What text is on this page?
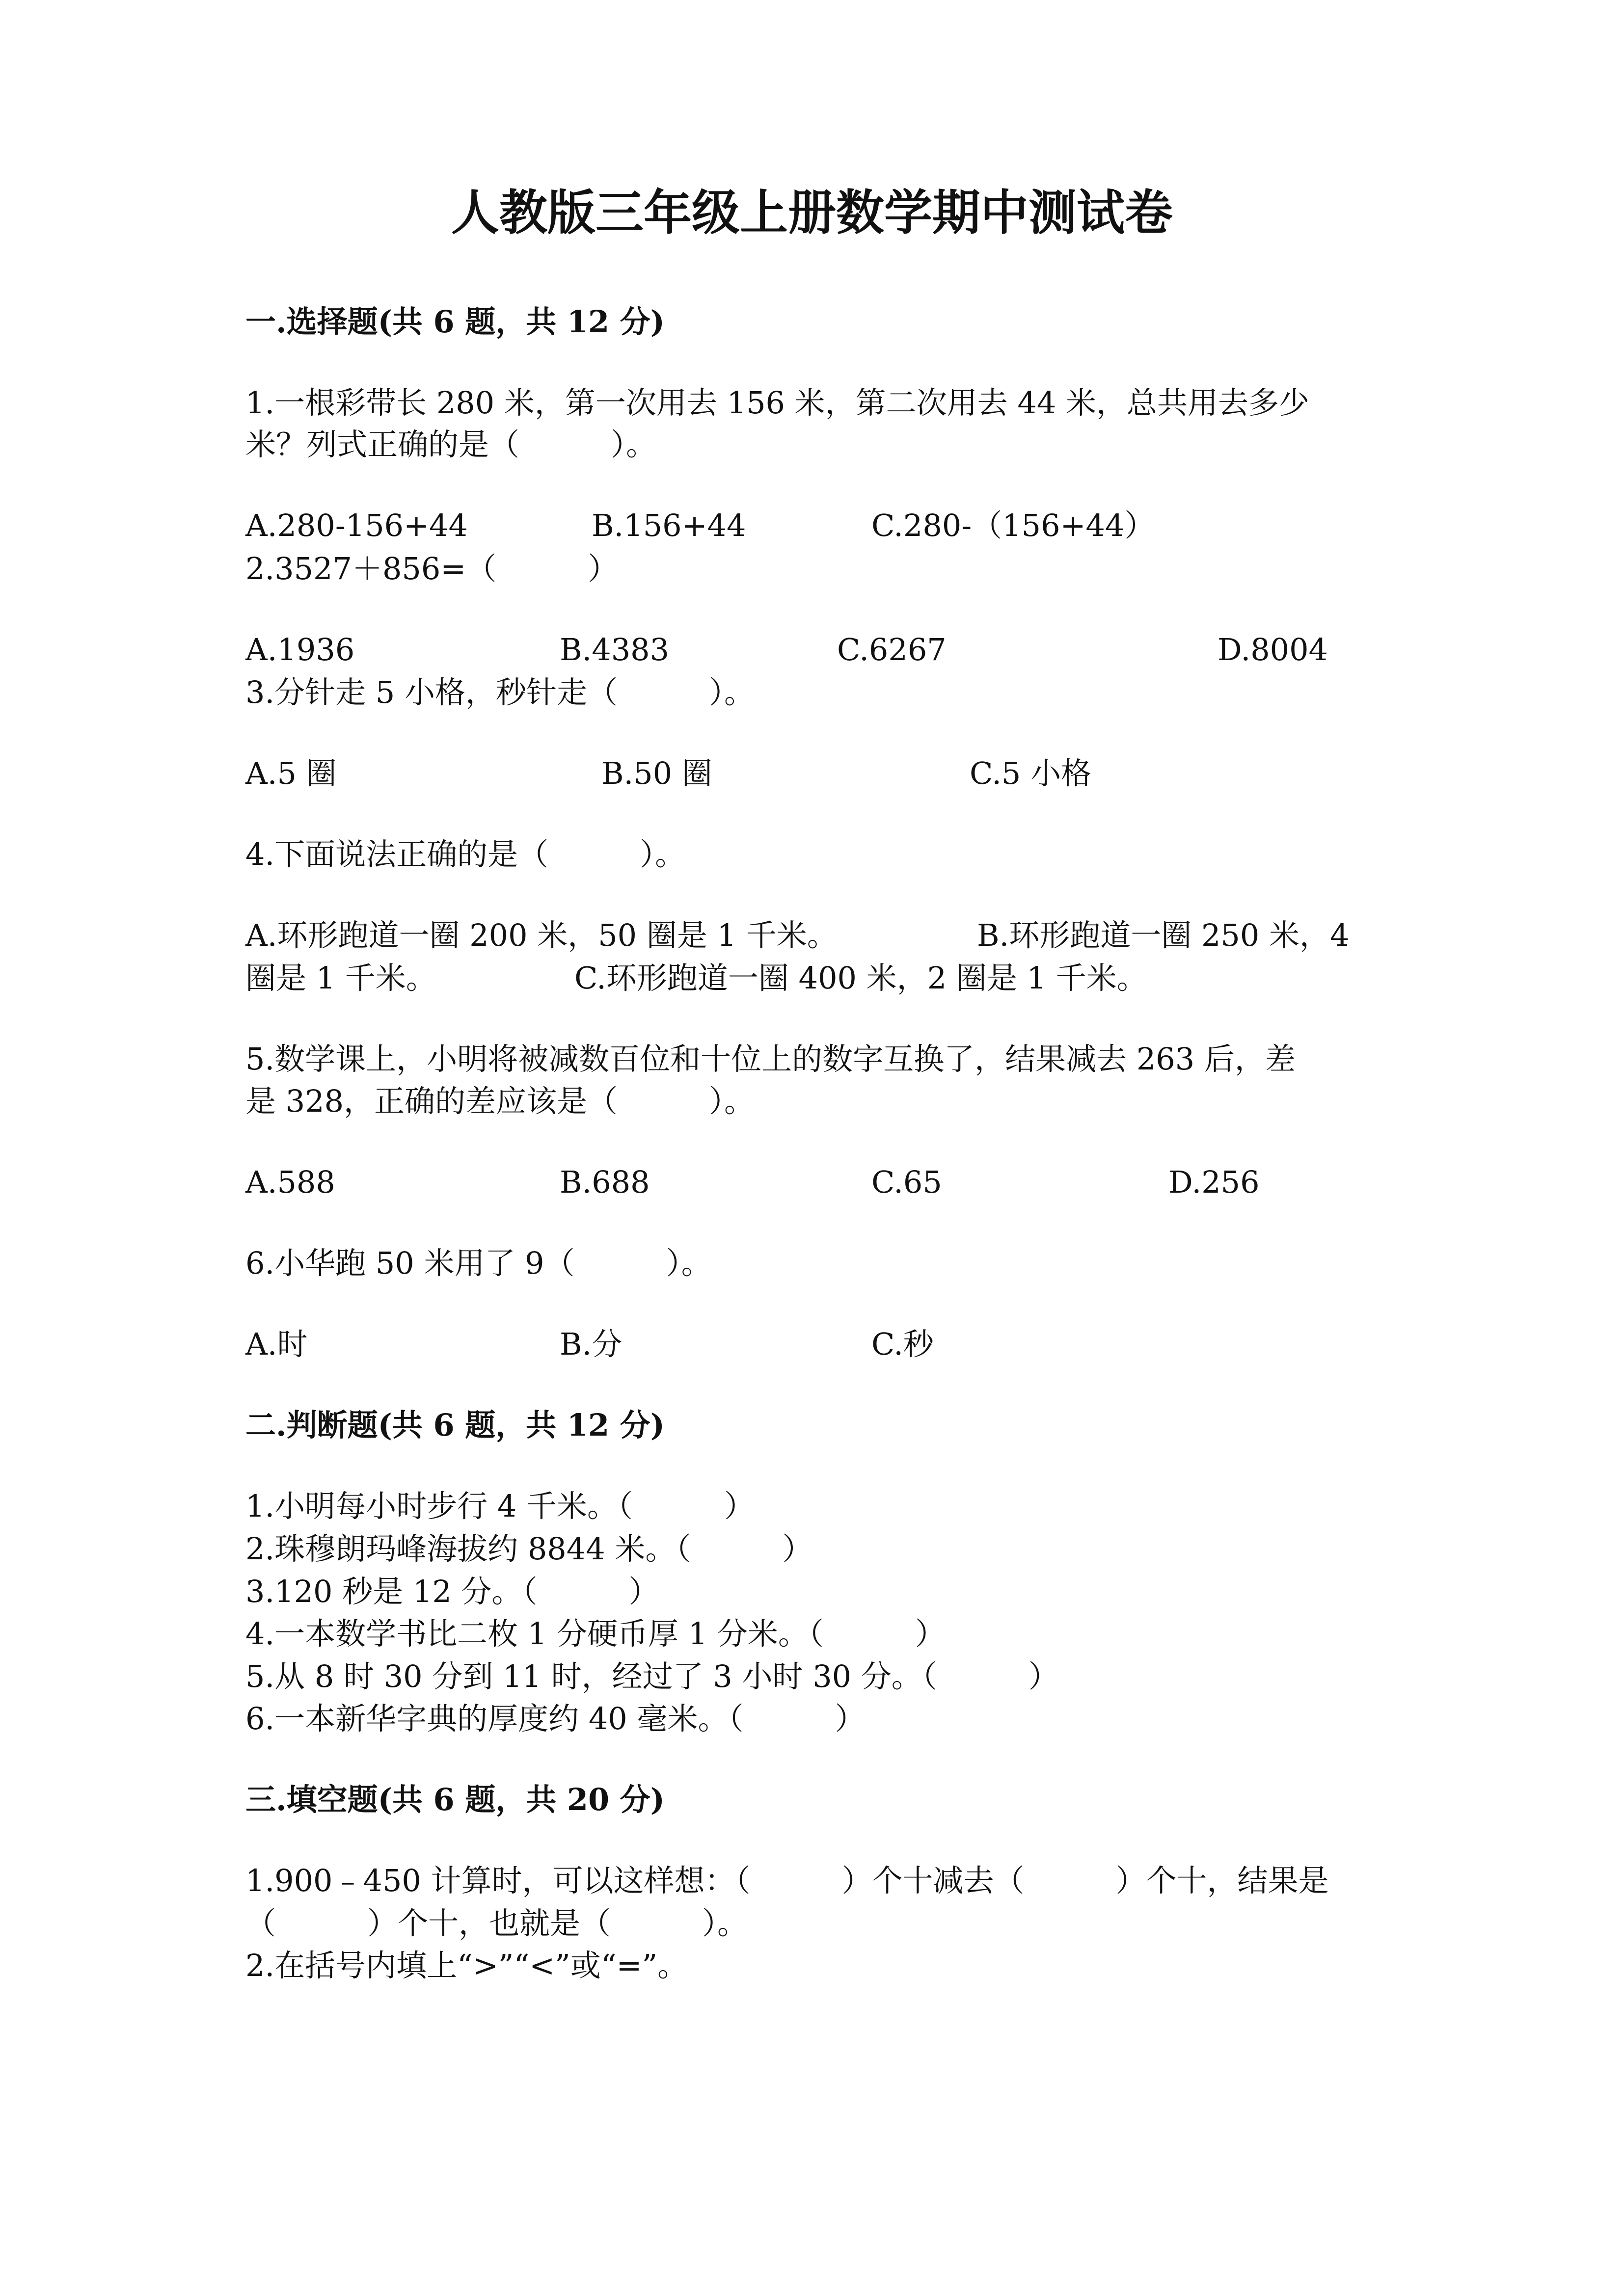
人教版三年级上册数学期中测试卷
一.选择题(共 6 题，共 12 分)
1.一根彩带长 280 米，第一次用去 156 米，第二次用去 44 米，总共用去多少
米？列式正确的是（　　　）。
A.280-156+44	B.156+44	C.280-（156+44）
2.3527＋856=（　　　）
A.1936	B.4383	C.6267	D.8004
3.分针走 5 小格，秒针走（　　　）。
A.5 圈	B.50 圈	C.5 小格
4.下面说法正确的是（　　　）。
A.环形跑道一圈 200 米，50 圈是 1 千米。	B.环形跑道一圈 250 米，4
圈是 1 千米。	C.环形跑道一圈 400 米，2 圈是 1 千米。
5.数学课上，小明将被减数百位和十位上的数字互换了，结果减去 263 后，差
是 328，正确的差应该是（　　　）。
A.588	B.688	C.65	D.256
6.小华跑 50 米用了 9（　　　）。
A.时	B.分	C.秒
二.判断题(共 6 题，共 12 分)
1.小明每小时步行 4 千米。（　　　）
2.珠穆朗玛峰海拔约 8844 米。（　　　）
3.120 秒是 12 分。（　　　）
4.一本数学书比二枚 1 分硬币厚 1 分米。（　　　）
5.从 8 时 30 分到 11 时，经过了 3 小时 30 分。（　　　）
6.一本新华字典的厚度约 40 毫米。（　　　）
三.填空题(共 6 题，共 20 分)
1.900﹣450 计算时，可以这样想：（　　　）个十减去（　　　）个十，结果是
（　　　）个十，也就是（　　　）。
2.在括号内填上“>”“<”或“=”。
